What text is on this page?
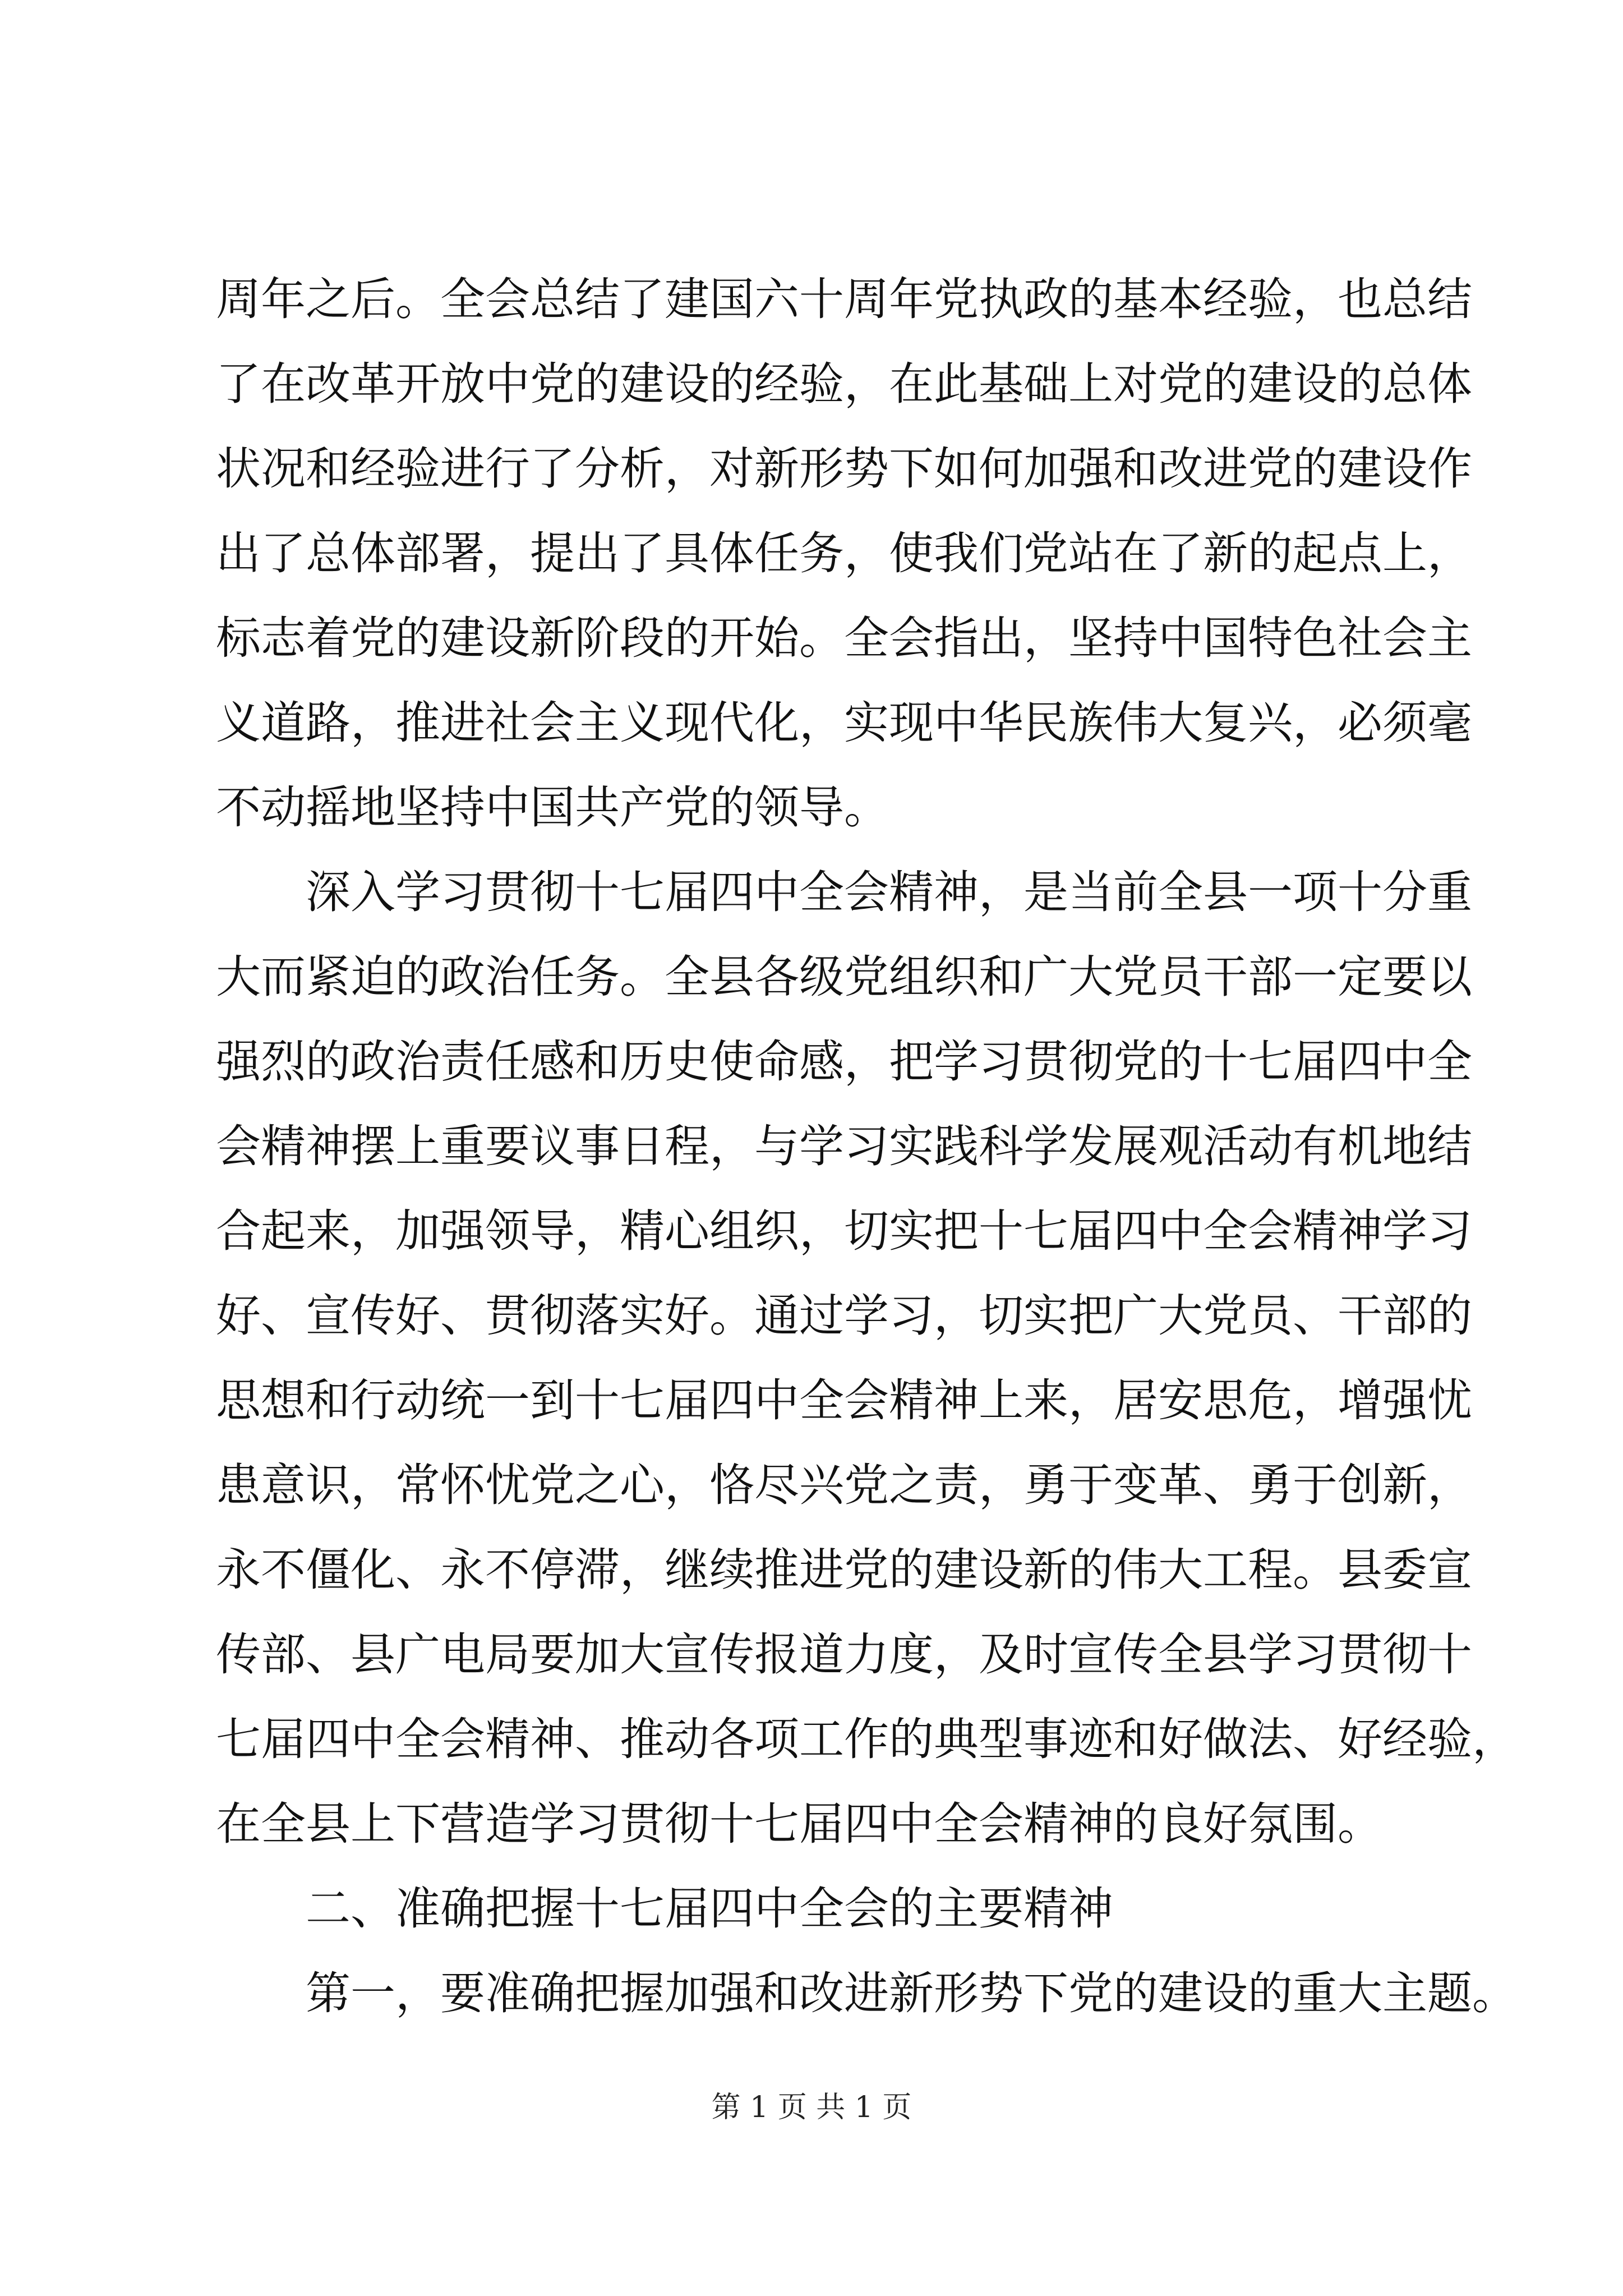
周年之后。全会总结了建国六十周年党执政的基本经验，也总结
了在改革开放中党的建设的经验，在此基础上对党的建设的总体
状况和经验进行了分析，对新形势下如何加强和改进党的建设作
出了总体部署，提出了具体任务，使我们党站在了新的起点上，
标志着党的建设新阶段的开始。全会指出，坚持中国特色社会主
义道路，推进社会主义现代化，实现中华民族伟大复兴，必须毫
不动摇地坚持中国共产党的领导。
深入学习贯彻十七届四中全会精神，是当前全县一项十分重
大而紧迫的政治任务。全县各级党组织和广大党员干部一定要以
强烈的政治责任感和历史使命感，把学习贯彻党的十七届四中全
会精神摆上重要议事日程，与学习实践科学发展观活动有机地结
合起来，加强领导，精心组织，切实把十七届四中全会精神学习
好、宣传好、贯彻落实好。通过学习，切实把广大党员、干部的
思想和行动统一到十七届四中全会精神上来，居安思危，增强忧
患意识，常怀忧党之心，恪尽兴党之责，勇于变革、勇于创新，
永不僵化、永不停滞，继续推进党的建设新的伟大工程。县委宣
传部、县广电局要加大宣传报道力度，及时宣传全县学习贯彻十
七届四中全会精神、推动各项工作的典型事迹和好做法、好经验，
在全县上下营造学习贯彻十七届四中全会精神的良好氛围。
二、准确把握十七届四中全会的主要精神
第一，要准确把握加强和改进新形势下党的建设的重大主题。
第 1 页 共 1 页
